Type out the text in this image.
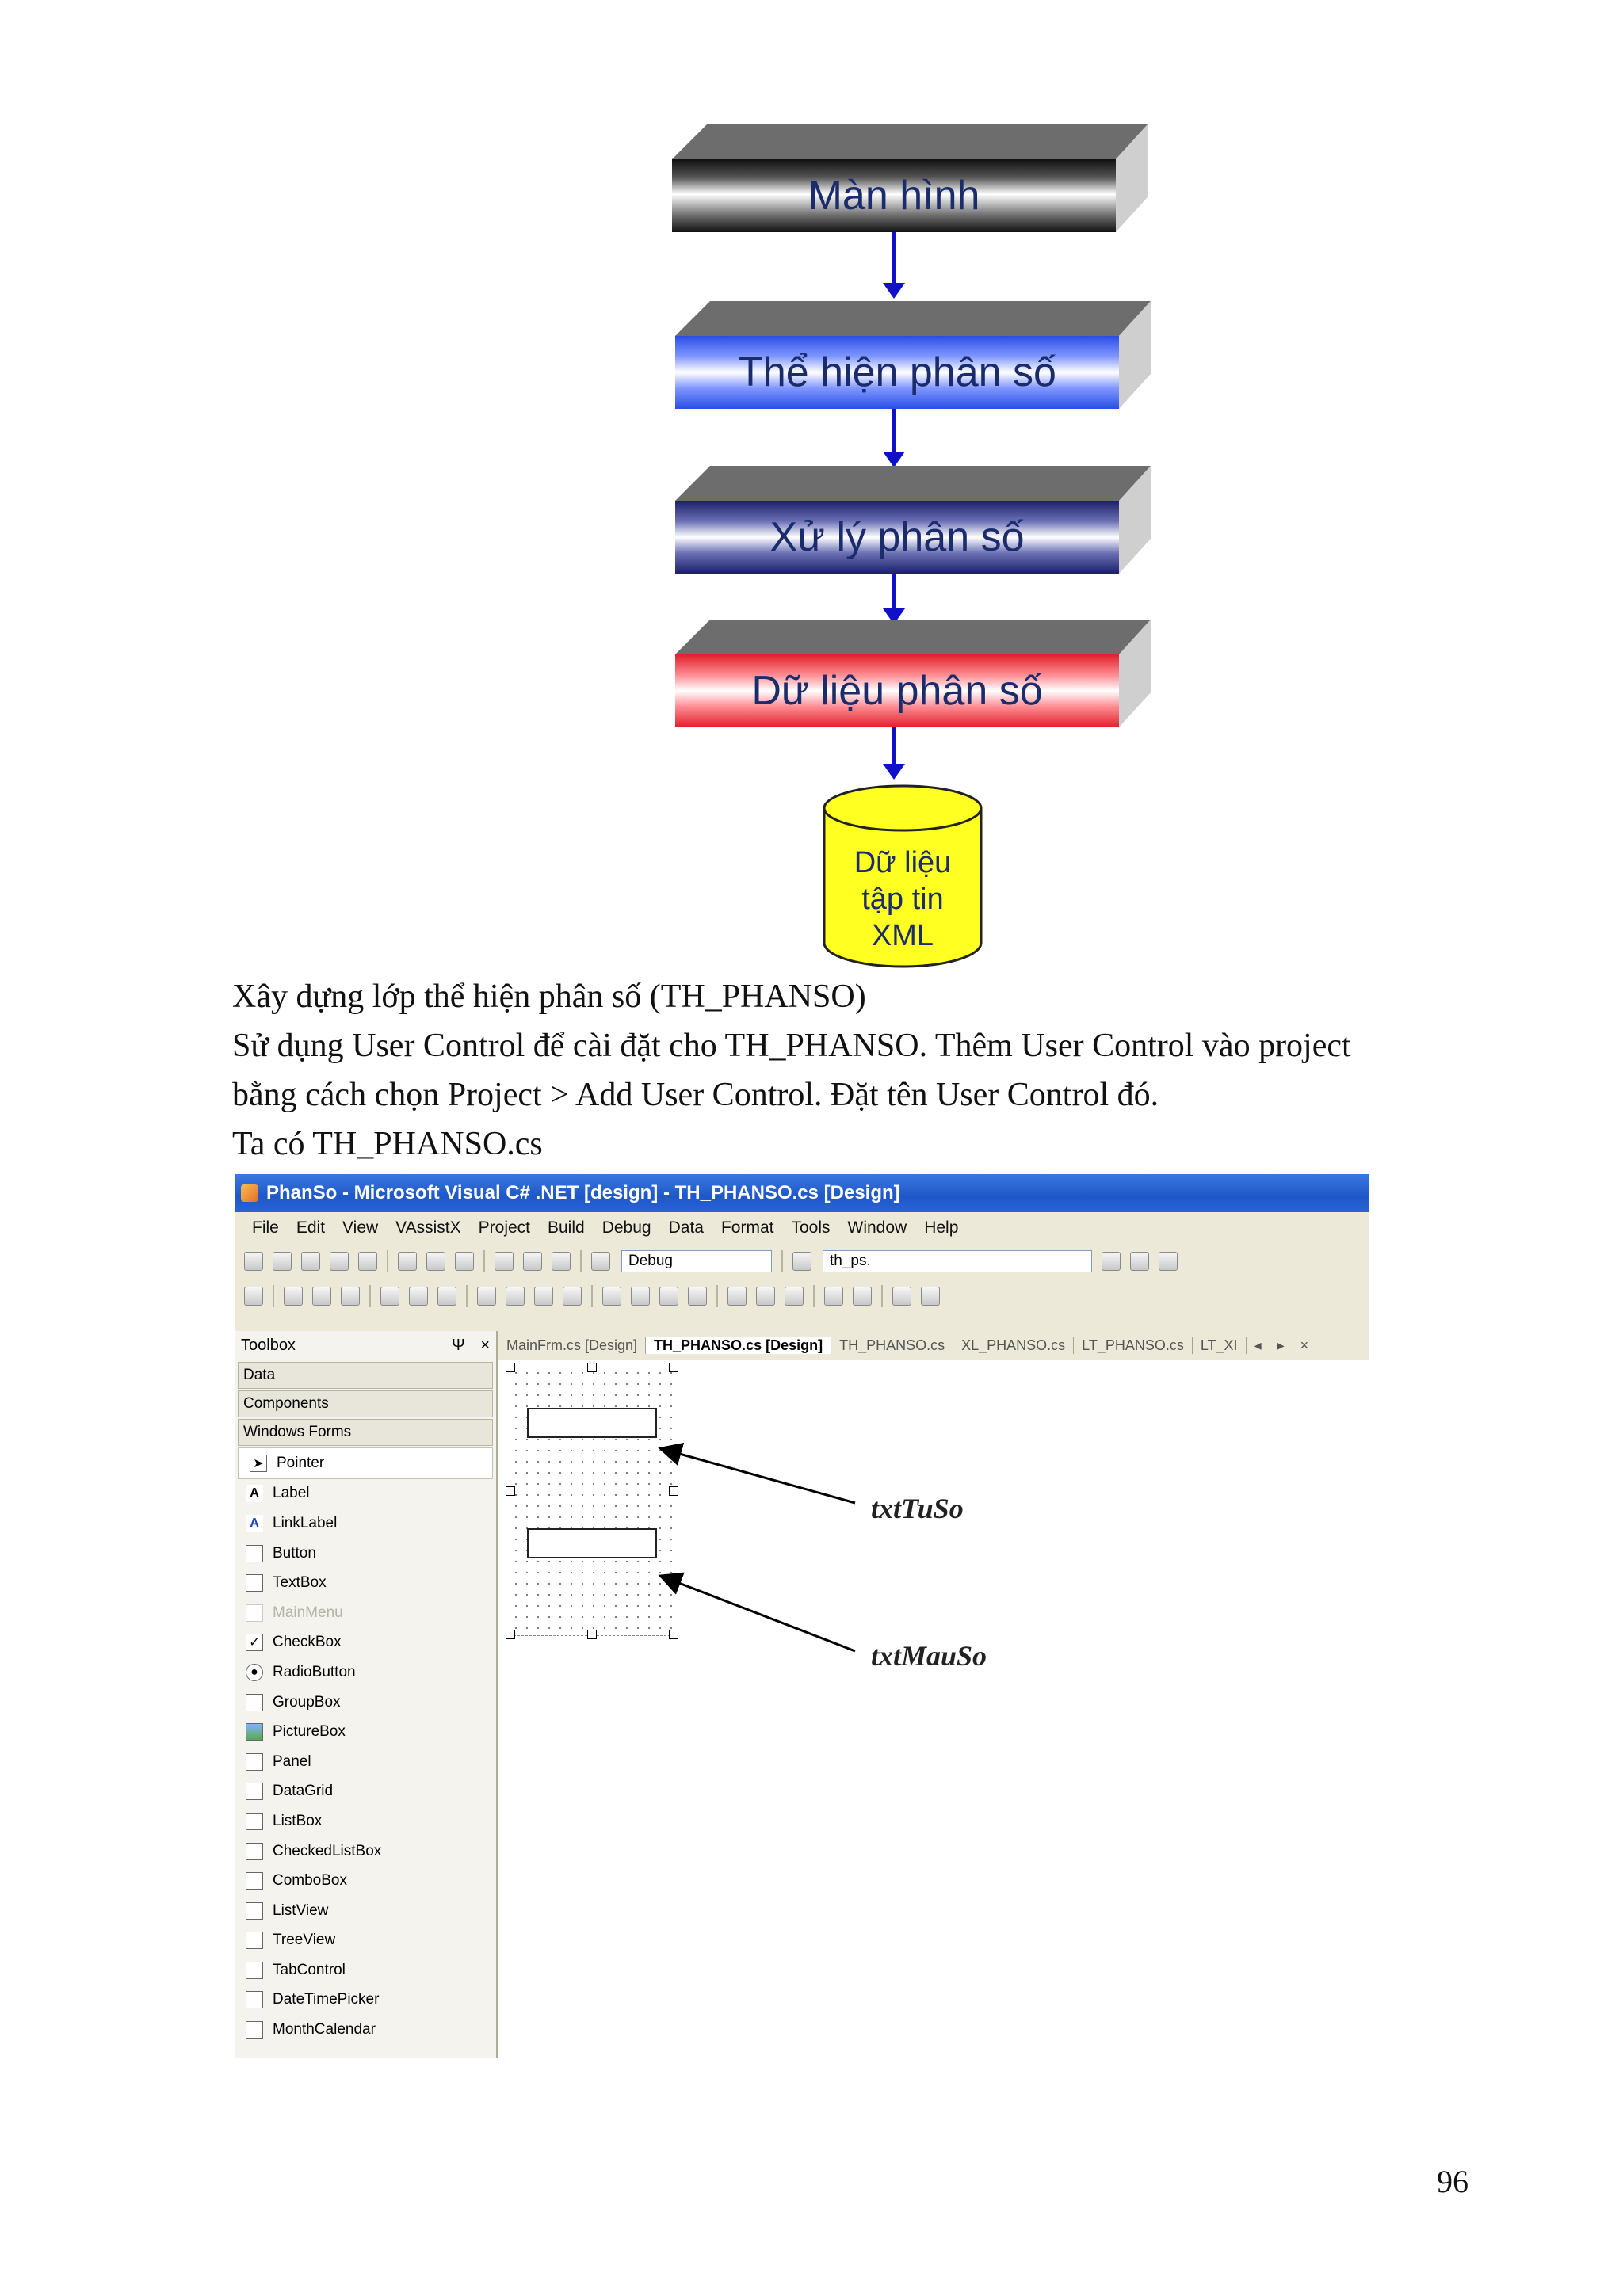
Màn hình
Thể hiện phân số
Xử lý phân số
Dữ liệu phân số
Dữ liệu
tập tin
XML
Xây dựng lớp thể hiện phân số (TH_PHANSO)
Sử dụng User Control để cài đặt cho TH_PHANSO. Thêm User Control vào project
bằng cách chọn Project > Add User Control. Đặt tên User Control đó.
Ta có TH_PHANSO.cs
PhanSo - Microsoft Visual C# .NET [design] - TH_PHANSO.cs [Design]
File Edit View VAssistX Project Build Debug Data Format Tools Window Help
Debug	th_ps.
Toolbox	Ψ ×
Data
Components
Windows Forms
➤ Pointer
A Label
A LinkLabel
Button
TextBox
MainMenu
✓ CheckBox
● RadioButton
GroupBox
PictureBox
Panel
DataGrid
ListBox
CheckedListBox
ComboBox
ListView
TreeView
TabControl
DateTimePicker
MonthCalendar
MainFrm.cs [Design]	TH_PHANSO.cs [Design]	TH_PHANSO.cs	XL_PHANSO.cs	LT_PHANSO.cs	LT_XI	◂	▸	×
txtTuSo
txtMauSo
96
